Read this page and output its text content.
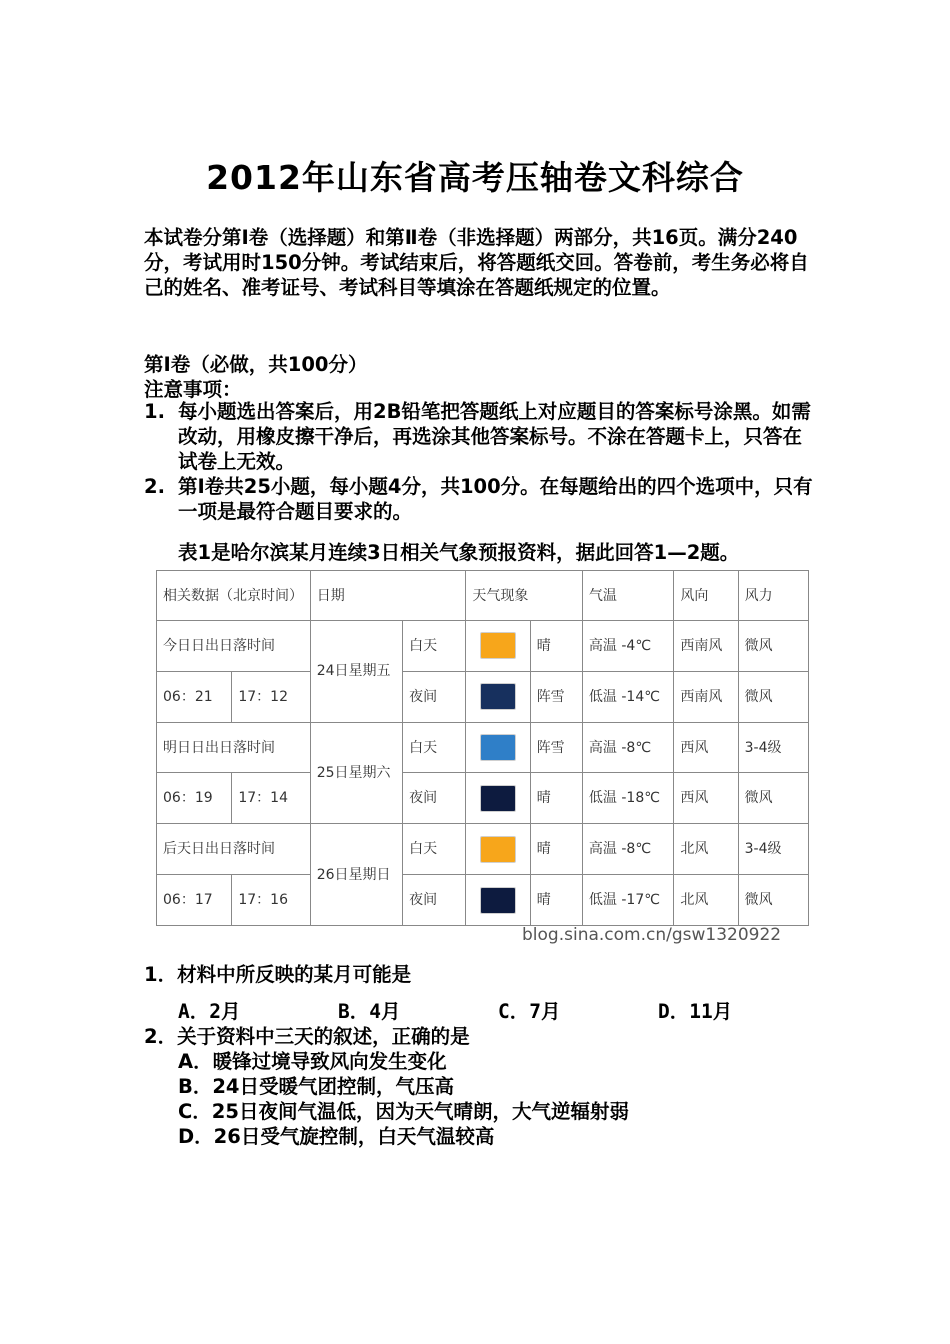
2012年山东省高考压轴卷文科综合
本试卷分第Ⅰ卷（选择题）和第Ⅱ卷（非选择题）两部分，共16页。满分240分，考试用时150分钟。考试结束后，将答题纸交回。答卷前，考生务必将自己的姓名、准考证号、考试科目等填涂在答题纸规定的位置。
第Ⅰ卷（必做，共100分）
注意事项：
1. 每小题选出答案后，用2B铅笔把答题纸上对应题目的答案标号涂黑。如需改动，用橡皮擦干净后，再选涂其他答案标号。不涂在答题卡上，只答在试卷上无效。
2. 第Ⅰ卷共25小题，每小题4分，共100分。在每题给出的四个选项中，只有一项是最符合题目要求的。
表1是哈尔滨某月连续3日相关气象预报资料，据此回答1—2题。
相关数据（北京时间）		日期		天气现象		气温	风向	风力
今日日出日落时间		24日星期五	白天		晴	高温 -4℃	西南风	微风
06：21	17：12		夜间		阵雪	低温 -14℃	西南风	微风
明日日出日落时间		25日星期六	白天		阵雪	高温 -8℃	西风	3-4级
06：19	17：14		夜间		晴	低温 -18℃	西风	微风
后天日出日落时间		26日星期日	白天		晴	高温 -8℃	北风	3-4级
06：17	17：16		夜间		晴	低温 -17℃	北风	微风
blog.sina.com.cn/gsw1320922
1．材料中所反映的某月可能是
A．2月	B．4月	C．7月	D．11月
2．关于资料中三天的叙述，正确的是
A．暖锋过境导致风向发生变化
B．24日受暖气团控制，气压高
C．25日夜间气温低，因为天气晴朗，大气逆辐射弱
D．26日受气旋控制，白天气温较高
